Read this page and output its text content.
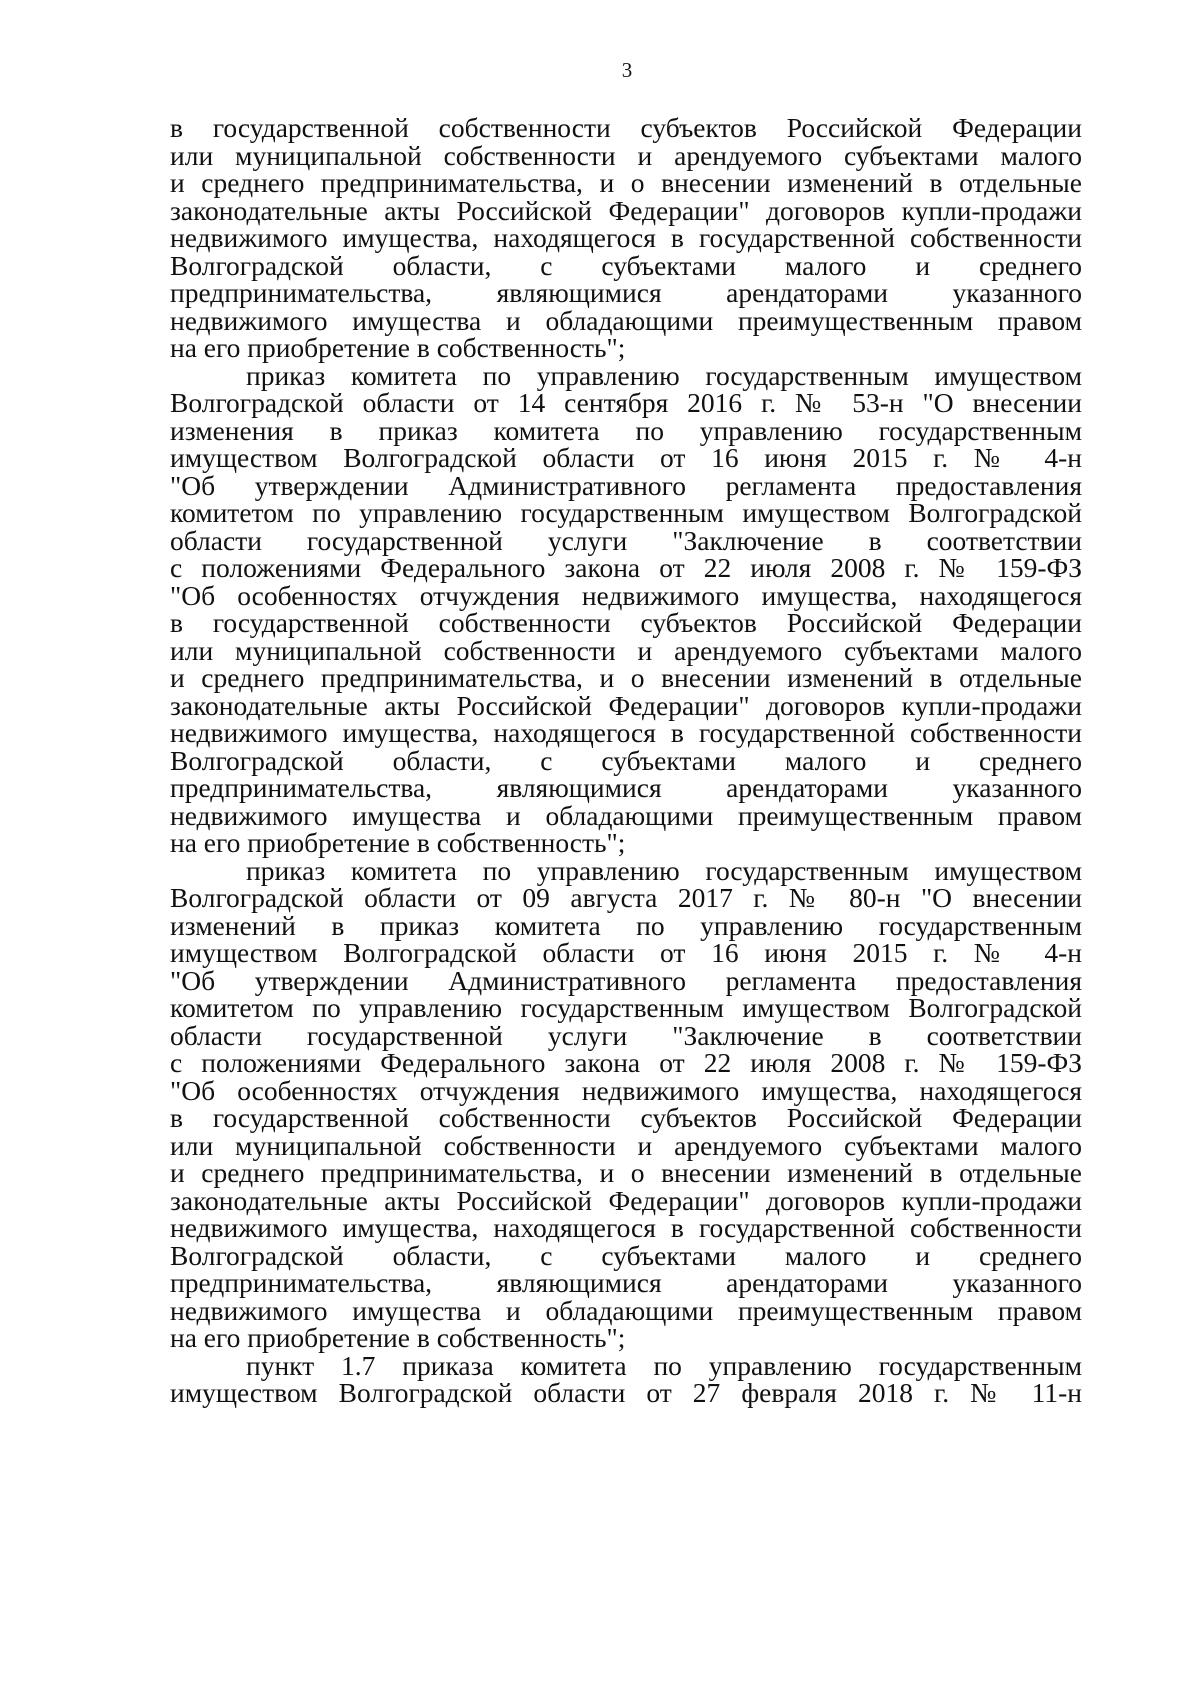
3
в государственной собственности субъектов Российской Федерации
или муниципальной собственности и арендуемого субъектами малого
и среднего предпринимательства, и о внесении изменений в отдельные
законодательные акты Российской Федерации" договоров купли-продажи
недвижимого имущества, находящегося в государственной собственности
Волгоградской области, с субъектами малого и среднего
предпринимательства, являющимися арендаторами указанного
недвижимого имущества и обладающими преимущественным правом
на его приобретение в собственность";
приказ комитета по управлению государственным имуществом
Волгоградской области от 14 сентября 2016 г. № 53-н "О внесении
изменения в приказ комитета по управлению государственным
имуществом Волгоградской области от 16 июня 2015 г. № 4-н
"Об утверждении Административного регламента предоставления
комитетом по управлению государственным имуществом Волгоградской
области государственной услуги "Заключение в соответствии
с положениями Федерального закона от 22 июля 2008 г. № 159-ФЗ
"Об особенностях отчуждения недвижимого имущества, находящегося
в государственной собственности субъектов Российской Федерации
или муниципальной собственности и арендуемого субъектами малого
и среднего предпринимательства, и о внесении изменений в отдельные
законодательные акты Российской Федерации" договоров купли-продажи
недвижимого имущества, находящегося в государственной собственности
Волгоградской области, с субъектами малого и среднего
предпринимательства, являющимися арендаторами указанного
недвижимого имущества и обладающими преимущественным правом
на его приобретение в собственность";
приказ комитета по управлению государственным имуществом
Волгоградской области от 09 августа 2017 г. № 80-н "О внесении
изменений в приказ комитета по управлению государственным
имуществом Волгоградской области от 16 июня 2015 г. № 4-н
"Об утверждении Административного регламента предоставления
комитетом по управлению государственным имуществом Волгоградской
области государственной услуги "Заключение в соответствии
с положениями Федерального закона от 22 июля 2008 г. № 159-ФЗ
"Об особенностях отчуждения недвижимого имущества, находящегося
в государственной собственности субъектов Российской Федерации
или муниципальной собственности и арендуемого субъектами малого
и среднего предпринимательства, и о внесении изменений в отдельные
законодательные акты Российской Федерации" договоров купли-продажи
недвижимого имущества, находящегося в государственной собственности
Волгоградской области, с субъектами малого и среднего
предпринимательства, являющимися арендаторами указанного
недвижимого имущества и обладающими преимущественным правом
на его приобретение в собственность";
пункт 1.7 приказа комитета по управлению государственным
имуществом Волгоградской области от 27 февраля 2018 г. № 11-н
